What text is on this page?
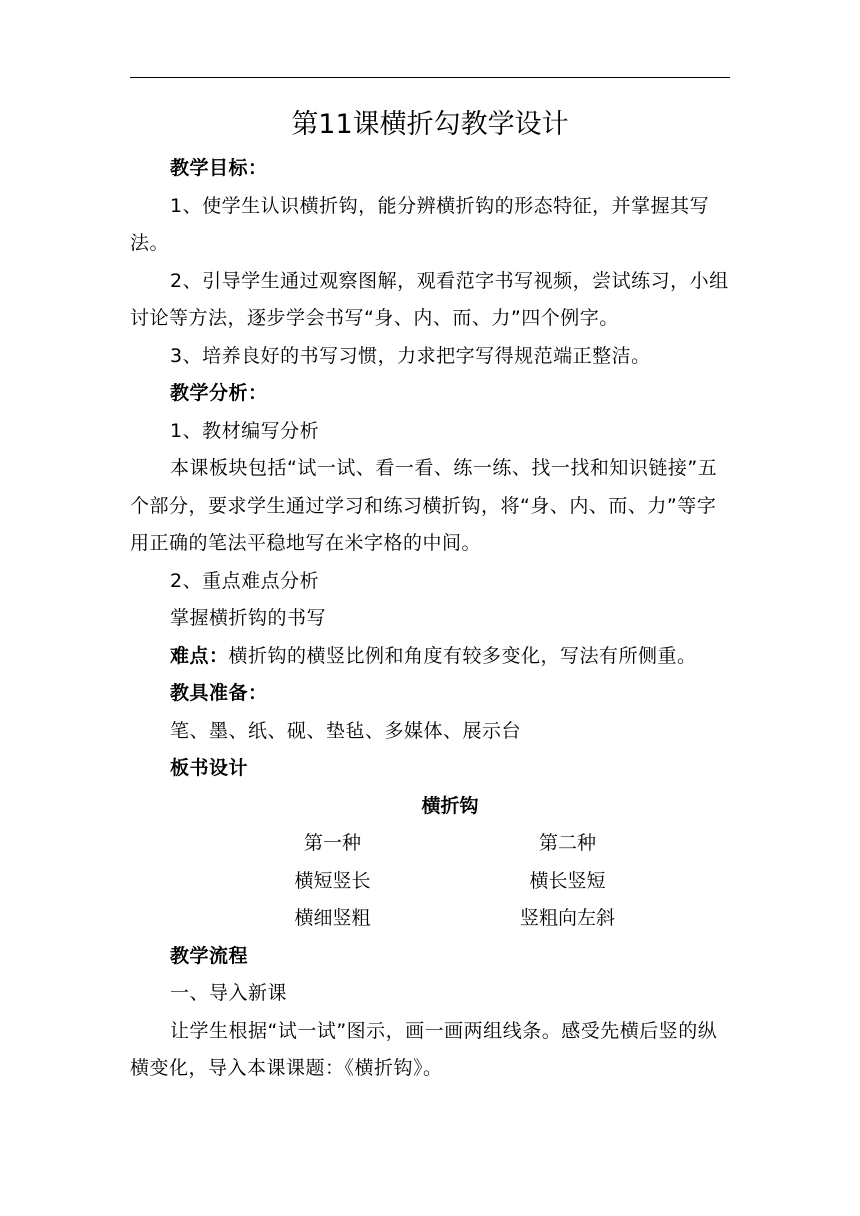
第11课横折勾教学设计

教学目标：

1、使学生认识横折钩，能分辨横折钩的形态特征，并掌握其写法。

2、引导学生通过观察图解，观看范字书写视频，尝试练习，小组讨论等方法，逐步学会书写“身、内、而、力”四个例字。

3、培养良好的书写习惯，力求把字写得规范端正整洁。

教学分析：

1、教材编写分析

本课板块包括“试一试、看一看、练一练、找一找和知识链接”五个部分，要求学生通过学习和练习横折钩，将“身、内、而、力”等字用正确的笔法平稳地写在米字格的中间。

2、重点难点分析

掌握横折钩的书写

难点：横折钩的横竖比例和角度有较多变化，写法有所侧重。

教具准备：

笔、墨、纸、砚、垫毡、多媒体、展示台

板书设计

横折钩

第一种	第二种
横短竖长	横长竖短
横细竖粗	竖粗向左斜

教学流程

一、导入新课

让学生根据“试一试”图示，画一画两组线条。感受先横后竖的纵横变化，导入本课课题：《横折钩》。
